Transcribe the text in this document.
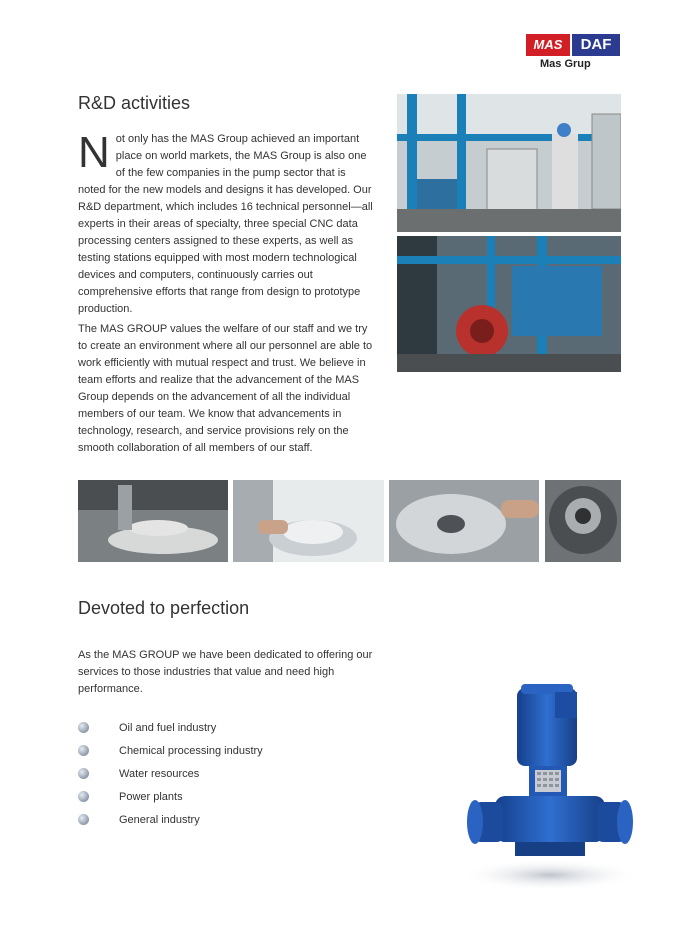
MAS	DAF
Mas Grup
R&D activities
Not only has the MAS Group achieved an important place on world markets, the MAS Group is also one of the few companies in the pump sector that is noted for the new models and designs it has developed. Our R&D department, which includes 16 technical personnel—all experts in their areas of specialty, three special CNC data processing centers assigned to these experts, as well as testing stations equipped with most modern technological devices and computers, continuously carries out comprehensive efforts that range from design to prototype production.

The MAS GROUP values the welfare of our staff and we try to create an environment where all our personnel are able to work efficiently with mutual respect and trust. We believe in team efforts and realize that the advancement of the MAS Group depends on the advancement of all the individual members of our team. We know that advancements in technology, research, and service provisions rely on the smooth collaboration of all members of our staff.

Devoted to perfection

As the MAS GROUP we have been dedicated to offering our services to those industries that value and need high performance.

Oil and fuel industry
Chemical processing industry
Water resources
Power plants
General industry
